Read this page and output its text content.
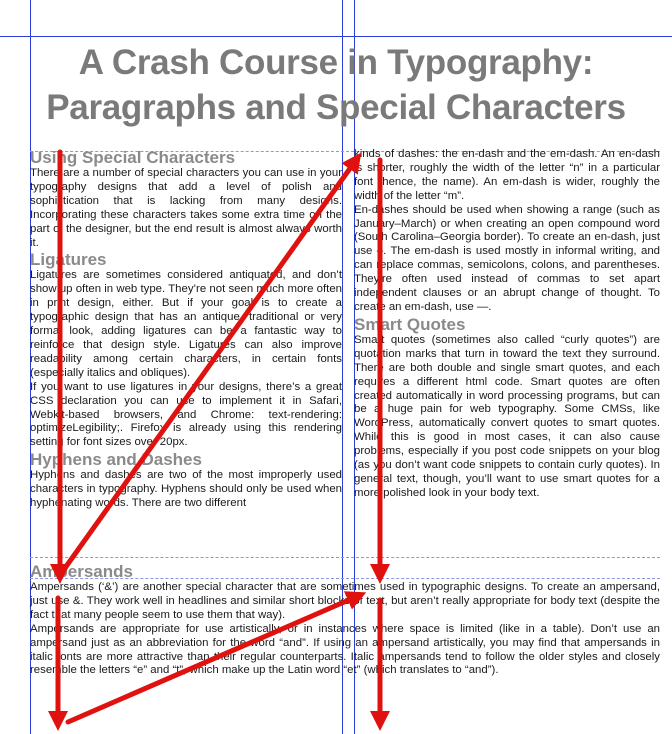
A Crash Course in Typography:
Paragraphs and Special Characters
Using Special Characters

There are a number of special characters you can use in your typography designs that add a level of polish and sophistication that is lacking from many designs. Incorporating these characters takes some extra time on the part of the designer, but the end result is almost always worth it.

Ligatures

Ligatures are sometimes considered antiquated, and don’t show up often in web type. They’re not seen much more often in print design, either. But if your goal is to create a typographic design that has an antique, traditional or very formal look, adding ligatures can be a fantastic way to reinforce that design style. Ligatures can also improve readability among certain characters, in certain fonts (especially italics and obliques).

If you want to use ligatures in your designs, there’s a great CSS declaration you can use to implement it in Safari, Webkit-based browsers, and Chrome: text-rendering: optimizeLegibility;. Firefox is already using this rendering setting for font sizes over 20px.

Hyphens and Dashes

Hyphens and dashes are two of the most improperly used characters in typography. Hyphens should only be used when hyphenating words. There are two different

kinds of dashes: the en-dash and the em-dash. An en-dash is shorter, roughly the width of the letter “n” in a particular font (hence, the name). An em-dash is wider, roughly the width of the letter “m”.

En-dashes should be used when showing a range (such as January–March) or when creating an open compound word (South Carolina–Georgia border). To create an en-dash, just use –. The em-dash is used mostly in informal writing, and can replace commas, semicolons, colons, and parentheses. They’re often used instead of commas to set apart independent clauses or an abrupt change of thought. To create an em-dash, use —.

Smart Quotes

Smart quotes (sometimes also called “curly quotes”) are quotation marks that turn in toward the text they surround. There are both double and single smart quotes, and each requires a different html code. Smart quotes are often created automatically in word processing programs, but can be a huge pain for web typography. Some CMSs, like WordPress, automatically convert quotes to smart quotes. While this is good in most cases, it can also cause problems, especially if you post code snippets on your blog (as you don’t want code snippets to contain curly quotes). In general text, though, you’ll want to use smart quotes for a more polished look in your body text.

Ampersands

Ampersands (‘&’) are another special character that are sometimes used in typographic designs. To create an ampersand, just use &. They work well in headlines and similar short blocks of text, but aren’t really appropriate for body text (despite the fact that many people seem to use them that way).

Ampersands are appropriate for use artistically, or in instances where space is limited (like in a table). Don’t use an ampersand just as an abbreviation for the word “and”. If using an ampersand artistically, you may find that ampersands in italic fonts are more attractive than their regular counterparts. Italic ampersands tend to follow the older styles and closely resemble the letters “e” and “t”, which make up the Latin word “et” (which translates to “and”).
